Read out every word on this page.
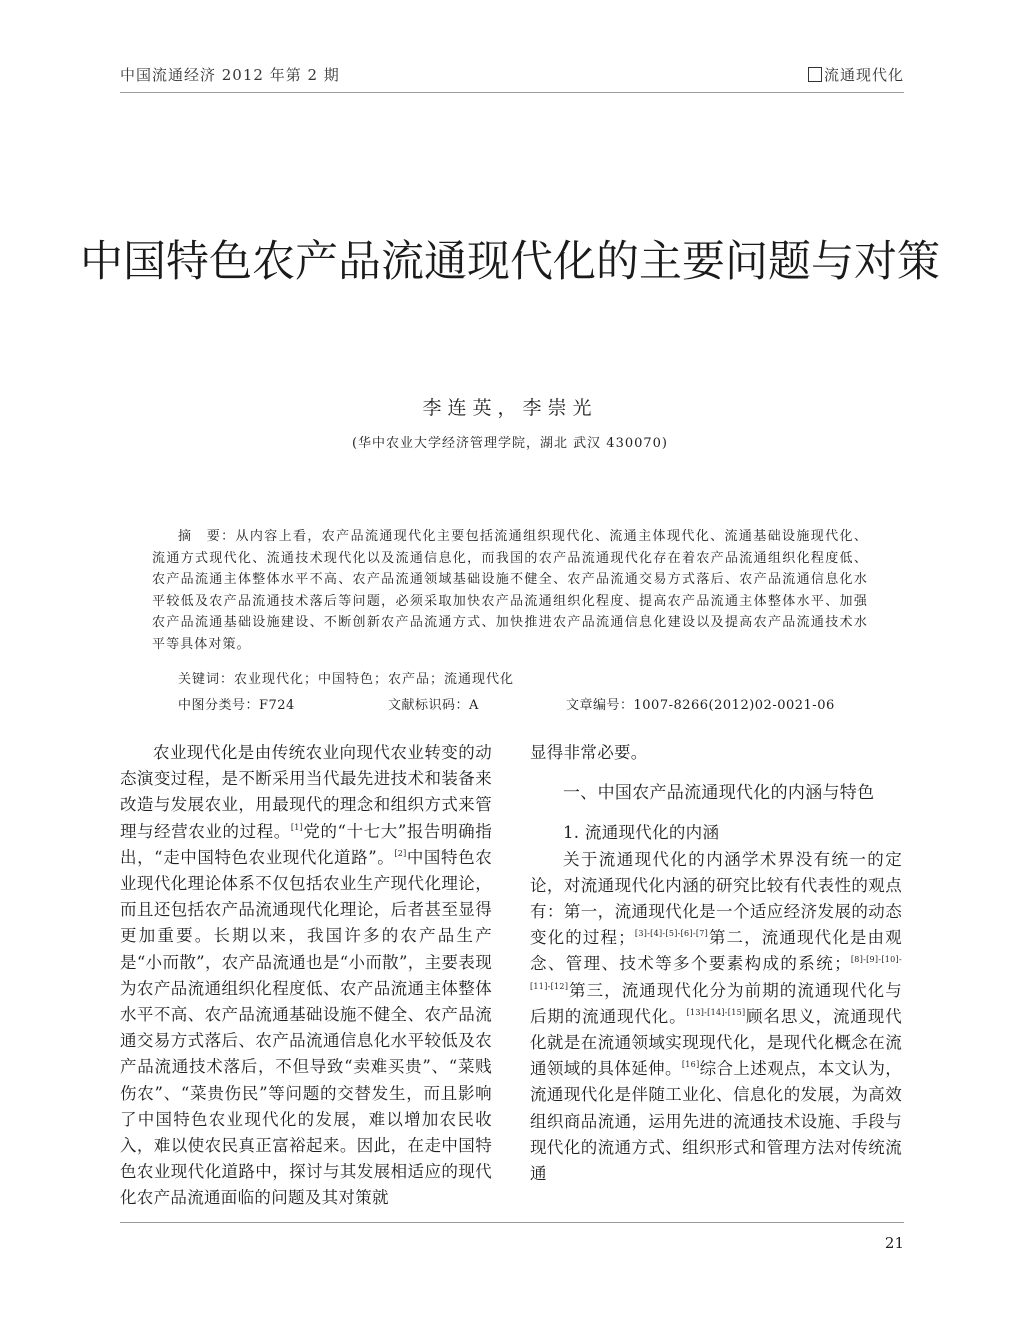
中国流通经济 2012 年第 2 期	流通现代化
中国特色农产品流通现代化的主要问题与对策
李连英，李崇光
(华中农业大学经济管理学院，湖北 武汉 430070)

摘　要：从内容上看，农产品流通现代化主要包括流通组织现代化、流通主体现代化、流通基础设施现代化、流通方式现代化、流通技术现代化以及流通信息化，而我国的农产品流通现代化存在着农产品流通组织化程度低、农产品流通主体整体水平不高、农产品流通领域基础设施不健全、农产品流通交易方式落后、农产品流通信息化水平较低及农产品流通技术落后等问题，必须采取加快农产品流通组织化程度、提高农产品流通主体整体水平、加强农产品流通基础设施建设、不断创新农产品流通方式、加快推进农产品流通信息化建设以及提高农产品流通技术水平等具体对策。

关键词：农业现代化；中国特色；农产品；流通现代化
中图分类号：F724	文献标识码：A	文章编号：1007-8266(2012)02-0021-06

农业现代化是由传统农业向现代农业转变的动态演变过程，是不断采用当代最先进技术和装备来改造与发展农业，用最现代的理念和组织方式来管理与经营农业的过程。[1]党的“十七大”报告明确指出，“走中国特色农业现代化道路”。[2]中国特色农业现代化理论体系不仅包括农业生产现代化理论，而且还包括农产品流通现代化理论，后者甚至显得更加重要。长期以来，我国许多的农产品生产是“小而散”，农产品流通也是“小而散”，主要表现为农产品流通组织化程度低、农产品流通主体整体水平不高、农产品流通基础设施不健全、农产品流通交易方式落后、农产品流通信息化水平较低及农产品流通技术落后，不但导致“卖难买贵”、“菜贱伤农”、“菜贵伤民”等问题的交替发生，而且影响了中国特色农业现代化的发展，难以增加农民收入，难以使农民真正富裕起来。因此，在走中国特色农业现代化道路中，探讨与其发展相适应的现代化农产品流通面临的问题及其对策就

显得非常必要。

一、中国农产品流通现代化的内涵与特色

1. 流通现代化的内涵

关于流通现代化的内涵学术界没有统一的定论，对流通现代化内涵的研究比较有代表性的观点有：第一，流通现代化是一个适应经济发展的动态变化的过程；[3]-[4]-[5]-[6]-[7]第二，流通现代化是由观念、管理、技术等多个要素构成的系统；[8]-[9]-[10]-[11]-[12]第三，流通现代化分为前期的流通现代化与后期的流通现代化。[13]-[14]-[15]顾名思义，流通现代化就是在流通领域实现现代化，是现代化概念在流通领域的具体延伸。[16]综合上述观点，本文认为，流通现代化是伴随工业化、信息化的发展，为高效组织商品流通，运用先进的流通技术设施、手段与现代化的流通方式、组织形式和管理方法对传统流通

21
